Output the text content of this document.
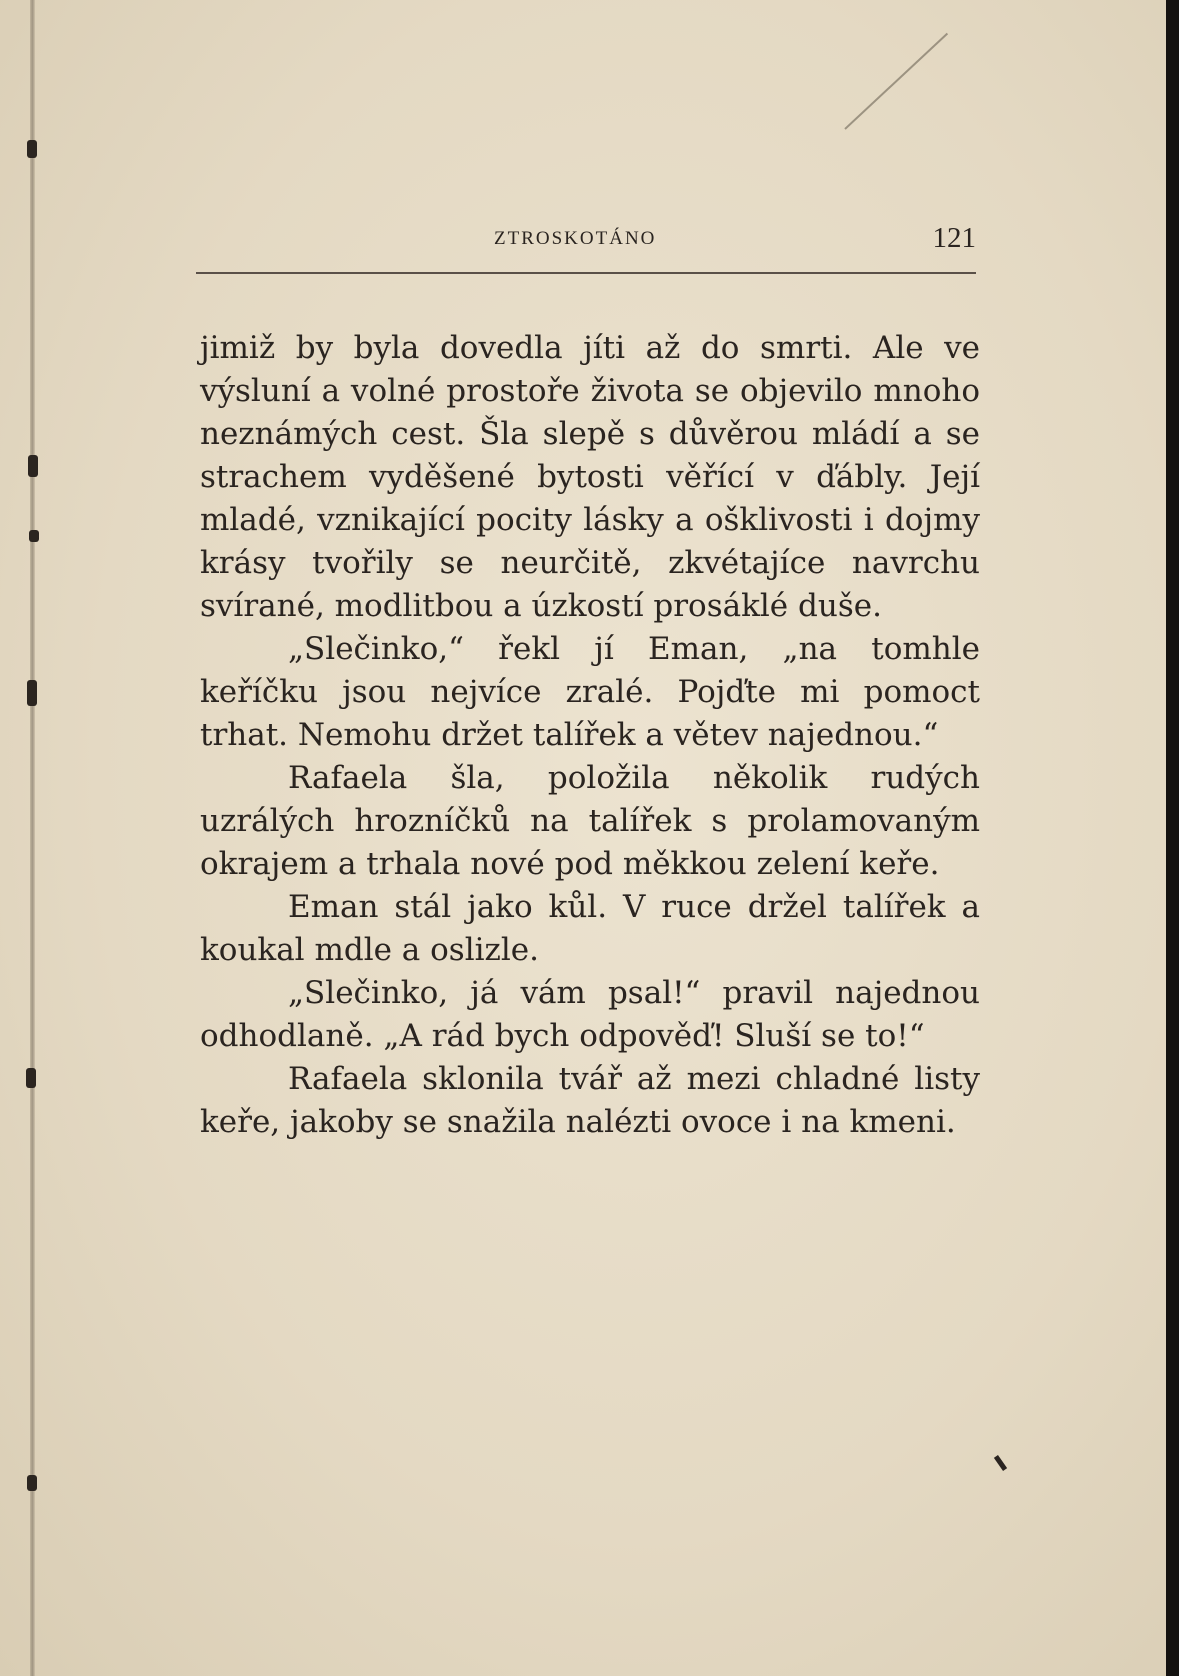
ZTROSKOTÁNO	121

jimiž by byla dovedla jíti až do smrti. Ale ve výsluní a volné prostoře života se objevilo mnoho neznámých cest. Šla slepě s důvěrou mládí a se strachem vyděšené bytosti věřící v ďábly. Její mladé, vznikající pocity lásky a ošklivosti i dojmy krásy tvořily se neurčitě, zkvétajíce navrchu svírané, modlitbou a úzkostí prosáklé duše.

„Slečinko,“ řekl jí Eman, „na tomhle keříčku jsou nejvíce zralé. Pojďte mi pomoct trhat. Nemohu držet talířek a větev najednou.“

Rafaela šla, položila několik rudých uzrálých hrozníčků na talířek s prolamovaným okrajem a trhala nové pod měkkou zelení keře.

Eman stál jako kůl. V ruce držel talířek a koukal mdle a oslizle.

„Slečinko, já vám psal!“ pravil najednou odhodlaně. „A rád bych odpověď! Sluší se to!“

Rafaela sklonila tvář až mezi chladné listy keře, jakoby se snažila nalézti ovoce i na kmeni.
